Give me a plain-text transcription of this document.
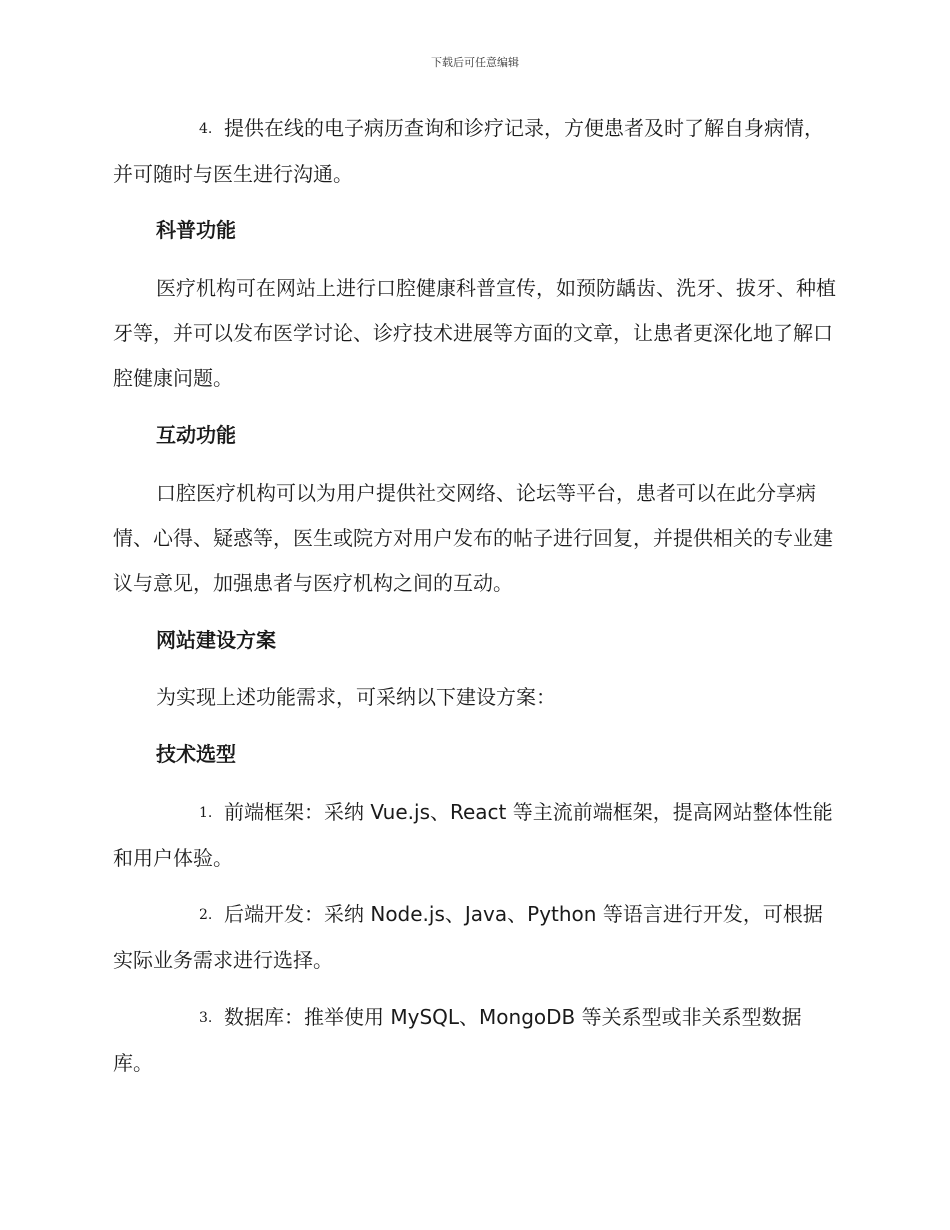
下载后可任意编辑
4. 提供在线的电子病历查询和诊疗记录，方便患者及时了解自身病情，并可随时与医生进行沟通。
科普功能
医疗机构可在网站上进行口腔健康科普宣传，如预防龋齿、洗牙、拔牙、种植牙等，并可以发布医学讨论、诊疗技术进展等方面的文章，让患者更深化地了解口腔健康问题。
互动功能
口腔医疗机构可以为用户提供社交网络、论坛等平台，患者可以在此分享病情、心得、疑惑等，医生或院方对用户发布的帖子进行回复，并提供相关的专业建议与意见，加强患者与医疗机构之间的互动。
网站建设方案
为实现上述功能需求，可采纳以下建设方案：
技术选型
1. 前端框架：采纳 Vue.js、React 等主流前端框架，提高网站整体性能和用户体验。
2. 后端开发：采纳 Node.js、Java、Python 等语言进行开发，可根据实际业务需求进行选择。
3. 数据库：推举使用 MySQL、MongoDB 等关系型或非关系型数据库。
